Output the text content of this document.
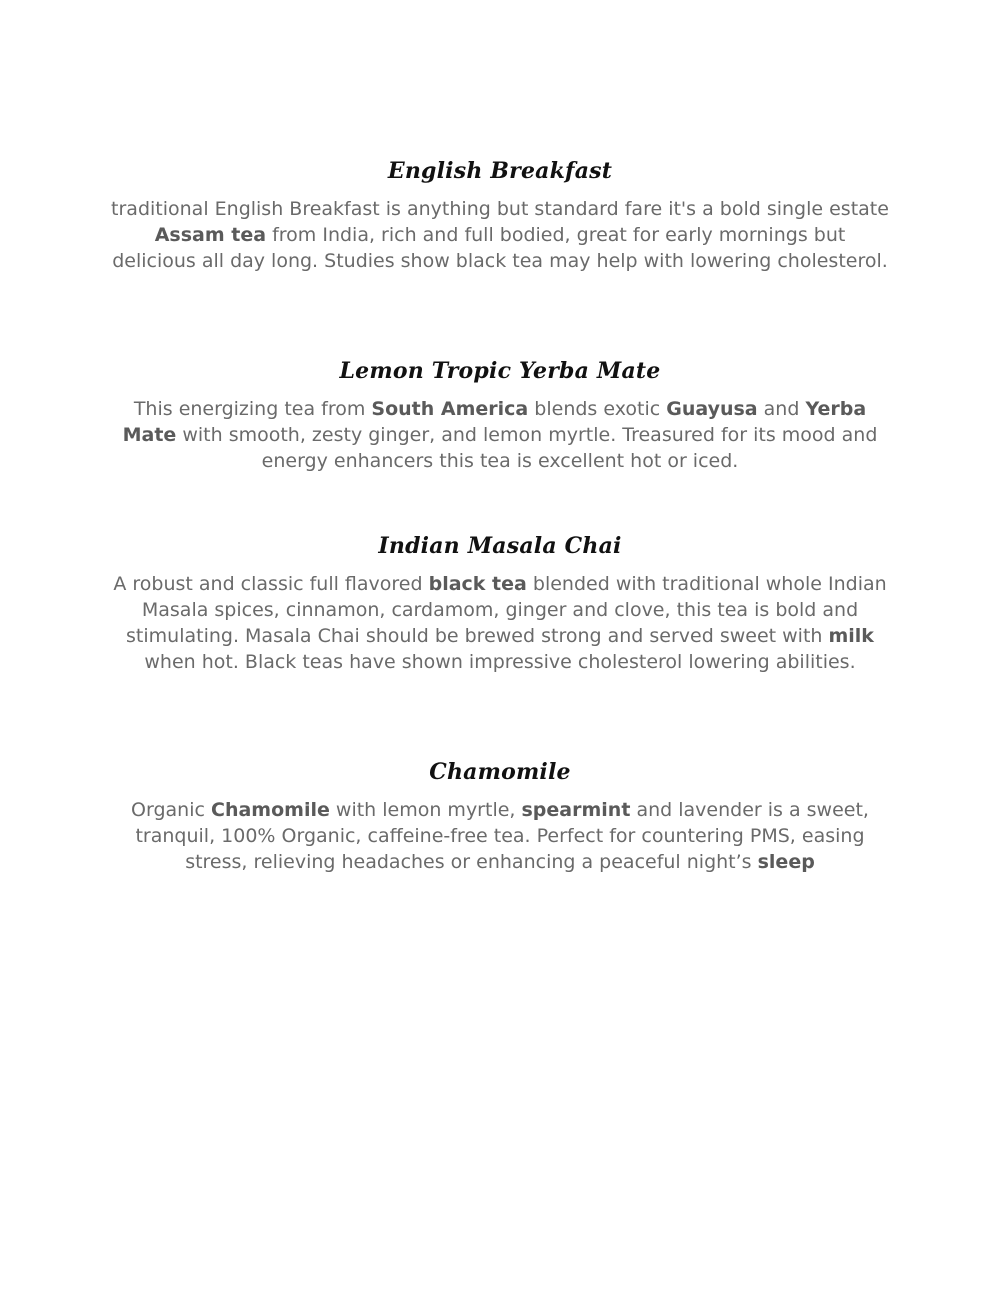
English Breakfast

traditional English Breakfast is anything but standard fare it's a bold single estate Assam tea from India, rich and full bodied, great for early mornings but delicious all day long. Studies show black tea may help with lowering cholesterol.

Lemon Tropic Yerba Mate

This energizing tea from South America blends exotic Guayusa and Yerba Mate with smooth, zesty ginger, and lemon myrtle. Treasured for its mood and energy enhancers this tea is excellent hot or iced.

Indian Masala Chai

A robust and classic full flavored black tea blended with traditional whole Indian Masala spices, cinnamon, cardamom, ginger and clove, this tea is bold and stimulating. Masala Chai should be brewed strong and served sweet with milk when hot. Black teas have shown impressive cholesterol lowering abilities.

Chamomile

Organic Chamomile with lemon myrtle, spearmint and lavender is a sweet, tranquil, 100% Organic, caffeine-free tea. Perfect for countering PMS, easing stress, relieving headaches or enhancing a peaceful night’s sleep
